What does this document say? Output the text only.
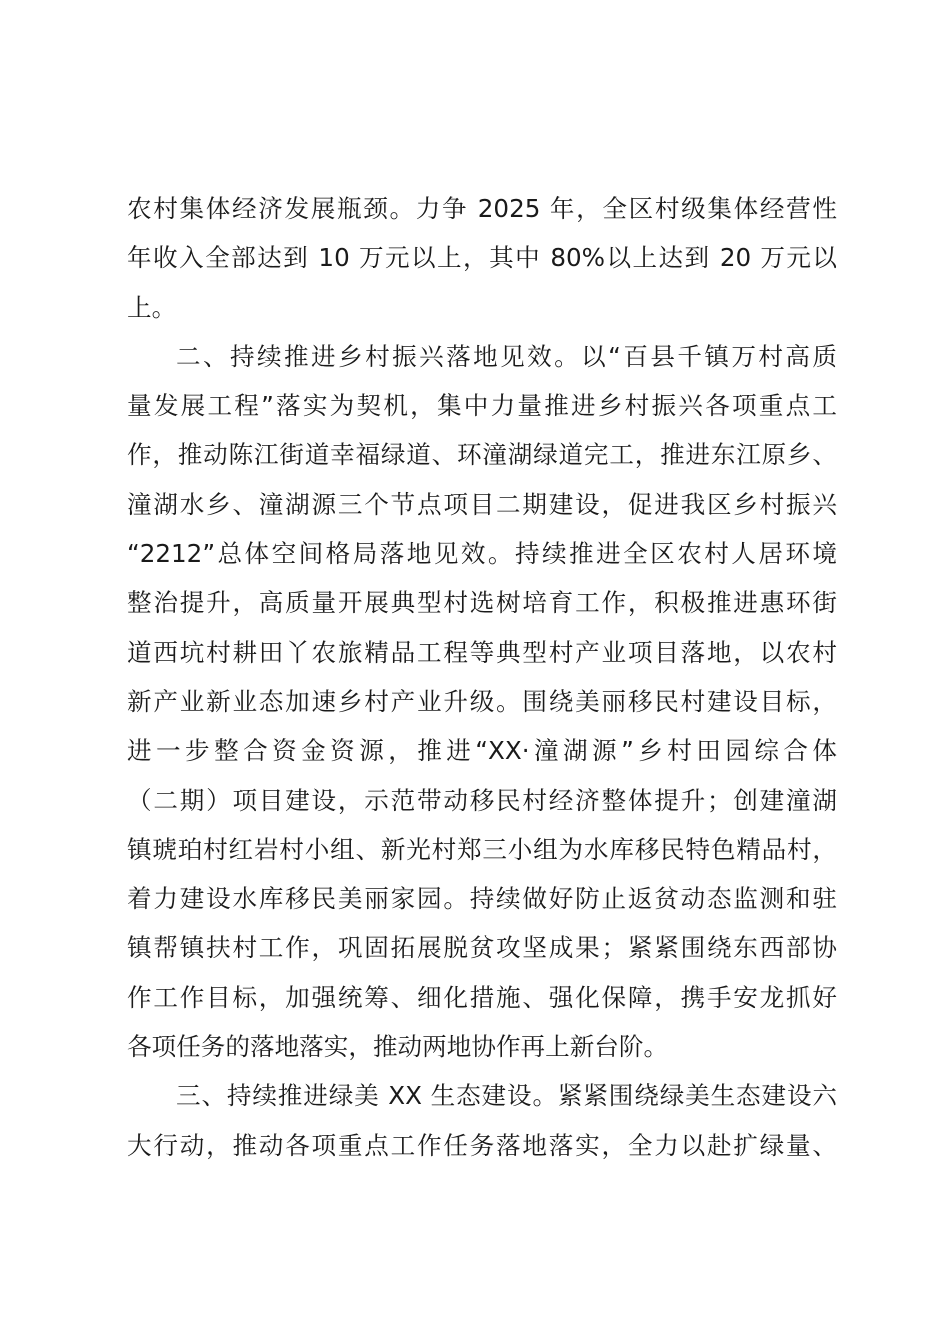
农村集体经济发展瓶颈。力争 2025 年，全区村级集体经营性
年收入全部达到 10 万元以上，其中 80%以上达到 20 万元以
上。
二、持续推进乡村振兴落地见效。以“百县千镇万村高质
量发展工程”落实为契机，集中力量推进乡村振兴各项重点工
作，推动陈江街道幸福绿道、环潼湖绿道完工，推进东江原乡、
潼湖水乡、潼湖源三个节点项目二期建设，促进我区乡村振兴
“2212”总体空间格局落地见效。持续推进全区农村人居环境
整治提升，高质量开展典型村选树培育工作，积极推进惠环街
道西坑村耕田丫农旅精品工程等典型村产业项目落地，以农村
新产业新业态加速乡村产业升级。围绕美丽移民村建设目标，
进一步整合资金资源，推进“XX·潼湖源”乡村田园综合体
（二期）项目建设，示范带动移民村经济整体提升；创建潼湖
镇琥珀村红岩村小组、新光村郑三小组为水库移民特色精品村，
着力建设水库移民美丽家园。持续做好防止返贫动态监测和驻
镇帮镇扶村工作，巩固拓展脱贫攻坚成果；紧紧围绕东西部协
作工作目标，加强统筹、细化措施、强化保障，携手安龙抓好
各项任务的落地落实，推动两地协作再上新台阶。
三、持续推进绿美 XX 生态建设。紧紧围绕绿美生态建设六
大行动，推动各项重点工作任务落地落实，全力以赴扩绿量、
